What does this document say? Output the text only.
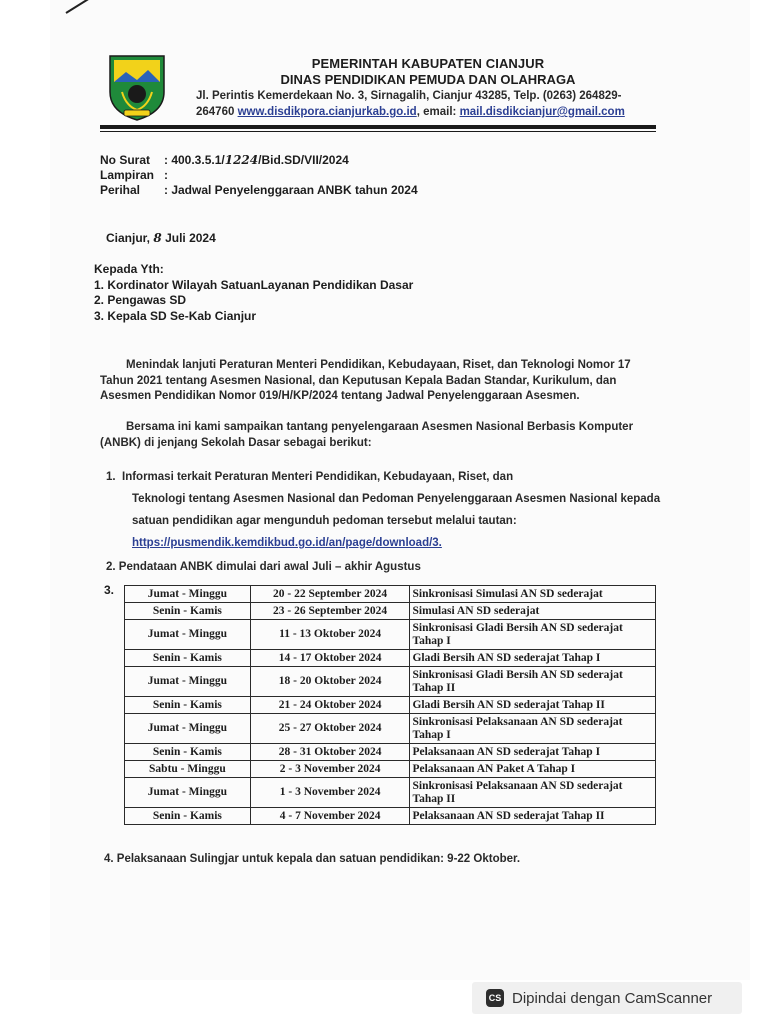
PEMERINTAH KABUPATEN CIANJUR
DINAS PENDIDIKAN PEMUDA DAN OLAHRAGA
Jl. Perintis Kemerdekaan No. 3, Sirnagalih, Cianjur 43285, Telp. (0263) 264829-
264760 www.disdikpora.cianjurkab.go.id, email: mail.disdikcianjur@gmail.com
No Surat	: 400.3.5.1/1224/Bid.SD/VII/2024
Lampiran :
Perihal	: Jadwal Penyelenggaraan ANBK tahun 2024
Cianjur, 8 Juli 2024
Kepada Yth:
1. Kordinator Wilayah SatuanLayanan Pendidikan Dasar
2. Pengawas SD
3. Kepala SD Se-Kab Cianjur
Menindak lanjuti Peraturan Menteri Pendidikan, Kebudayaan, Riset, dan Teknologi Nomor 17 Tahun 2021 tentang Asesmen Nasional, dan Keputusan Kepala Badan Standar, Kurikulum, dan Asesmen Pendidikan Nomor 019/H/KP/2024 tentang Jadwal Penyelenggaraan Asesmen.
Bersama ini kami sampaikan tantang penyelengaraan Asesmen Nasional Berbasis Komputer (ANBK) di jenjang Sekolah Dasar sebagai berikut:
1. Informasi terkait Peraturan Menteri Pendidikan, Kebudayaan, Riset, dan
Teknologi tentang Asesmen Nasional dan Pedoman Penyelenggaraan Asesmen Nasional kepada
satuan pendidikan agar mengunduh pedoman tersebut melalui tautan:
https://pusmendik.kemdikbud.go.id/an/page/download/3.
2. Pendataan ANBK dimulai dari awal Juli – akhir Agustus
3.	Jumat - Minggu	20 - 22 September 2024	Sinkronisasi Simulasi AN SD sederajat
Senin - Kamis	23 - 26 September 2024	Simulasi AN SD sederajat
Jumat - Minggu	11 - 13 Oktober 2024	Sinkronisasi Gladi Bersih AN SD sederajat Tahap I
Senin - Kamis	14 - 17 Oktober 2024	Gladi Bersih AN SD sederajat Tahap I
Jumat - Minggu	18 - 20 Oktober 2024	Sinkronisasi Gladi Bersih AN SD sederajat Tahap II
Senin - Kamis	21 - 24 Oktober 2024	Gladi Bersih AN SD sederajat Tahap II
Jumat - Minggu	25 - 27 Oktober 2024	Sinkronisasi Pelaksanaan AN SD sederajat Tahap I
Senin - Kamis	28 - 31 Oktober 2024	Pelaksanaan AN SD sederajat Tahap I
Sabtu - Minggu	2 - 3 November 2024	Pelaksanaan AN Paket A Tahap I
Jumat - Minggu	1 - 3 November 2024	Sinkronisasi Pelaksanaan AN SD sederajat Tahap II
Senin - Kamis	4 - 7 November 2024	Pelaksanaan AN SD sederajat Tahap II
4. Pelaksanaan Sulingjar untuk kepala dan satuan pendidikan: 9-22 Oktober.
CS Dipindai dengan CamScanner
